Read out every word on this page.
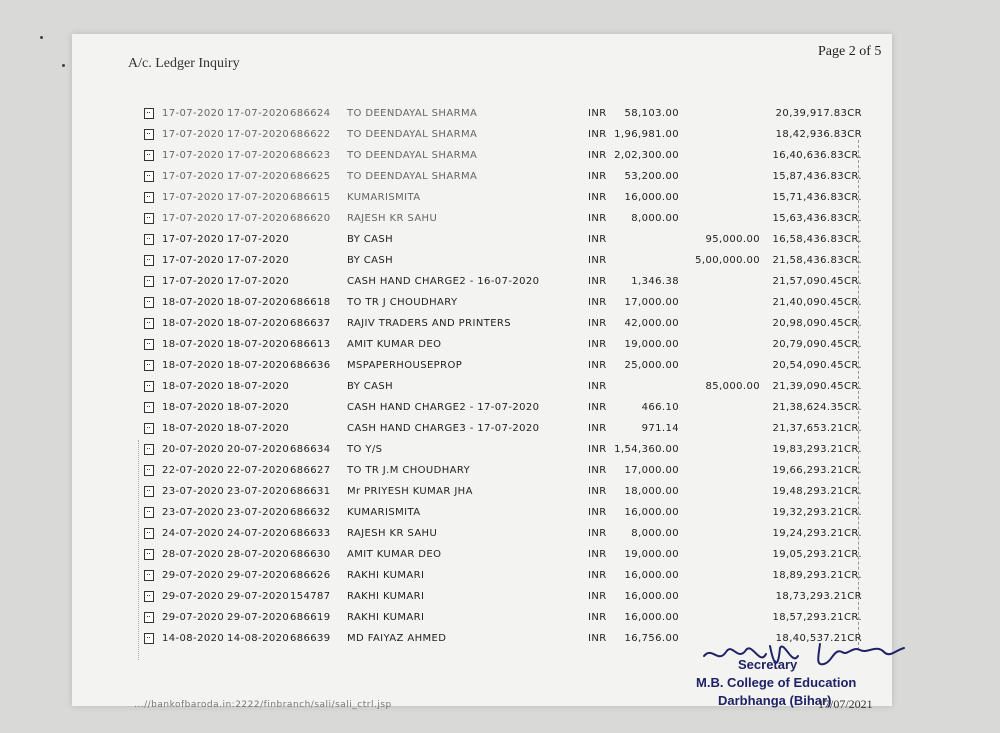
A/c. Ledger Inquiry
Page 2 of 5
17-07-2020 17-07-2020 686624 TO DEENDAYAL SHARMA	INR 58,103.00	20,39,917.83CR
17-07-2020 17-07-2020 686622 TO DEENDAYAL SHARMA	INR 1,96,981.00	18,42,936.83CR
17-07-2020 17-07-2020 686623 TO DEENDAYAL SHARMA	INR 2,02,300.00	16,40,636.83CR.
17-07-2020 17-07-2020 686625 TO DEENDAYAL SHARMA	INR 53,200.00	15,87,436.83CR.
17-07-2020 17-07-2020 686615 KUMARISMITA	INR 16,000.00	15,71,436.83CR.
17-07-2020 17-07-2020 686620 RAJESH KR SAHU	INR 8,000.00	15,63,436.83CR.
17-07-2020 17-07-2020	BY CASH	INR	95,000.00 16,58,436.83CR.
17-07-2020 17-07-2020	BY CASH	INR	5,00,000.00 21,58,436.83CR.
17-07-2020 17-07-2020	CASH HAND CHARGE2 - 16-07-2020	INR 1,346.38	21,57,090.45CR.
18-07-2020 18-07-2020 686618 TO TR J CHOUDHARY	INR 17,000.00	21,40,090.45CR.
18-07-2020 18-07-2020 686637 RAJIV TRADERS AND PRINTERS	INR 42,000.00	20,98,090.45CR.
18-07-2020 18-07-2020 686613 AMIT KUMAR DEO	INR 19,000.00	20,79,090.45CR.
18-07-2020 18-07-2020 686636 MSPAPERHOUSEPROP	INR 25,000.00	20,54,090.45CR.
18-07-2020 18-07-2020	BY CASH	INR	85,000.00 21,39,090.45CR.
18-07-2020 18-07-2020	CASH HAND CHARGE2 - 17-07-2020	INR	466.10	21,38,624.35CR.
18-07-2020 18-07-2020	CASH HAND CHARGE3 - 17-07-2020	INR	971.14	21,37,653.21CR.
20-07-2020 20-07-2020 686634 TO Y/S	INR 1,54,360.00	19,83,293.21CR.
22-07-2020 22-07-2020 686627 TO TR J.M CHOUDHARY	INR 17,000.00	19,66,293.21CR.
23-07-2020 23-07-2020 686631 Mr PRIYESH KUMAR JHA	INR 18,000.00	19,48,293.21CR.
23-07-2020 23-07-2020 686632 KUMARISMITA	INR 16,000.00	19,32,293.21CR.
24-07-2020 24-07-2020 686633 RAJESH KR SAHU	INR 8,000.00	19,24,293.21CR.
28-07-2020 28-07-2020 686630 AMIT KUMAR DEO	INR 19,000.00	19,05,293.21CR.
29-07-2020 29-07-2020 686626 RAKHI KUMARI	INR 16,000.00	18,89,293.21CR.
29-07-2020 29-07-2020 154787 RAKHI KUMARI	INR 16,000.00	18,73,293.21CR
29-07-2020 29-07-2020 686619 RAKHI KUMARI	INR 16,000.00	18,57,293.21CR.
14-08-2020 14-08-2020 686639 MD FAIYAZ AHMED	INR 16,756.00	18,40,537.21CR
Secretary
M.B. College of Education
Darbhanga (Bihar)
...//bankofbaroda.in:2222/finbranch/sali/sali_ctrl.jsp	17/07/2021
